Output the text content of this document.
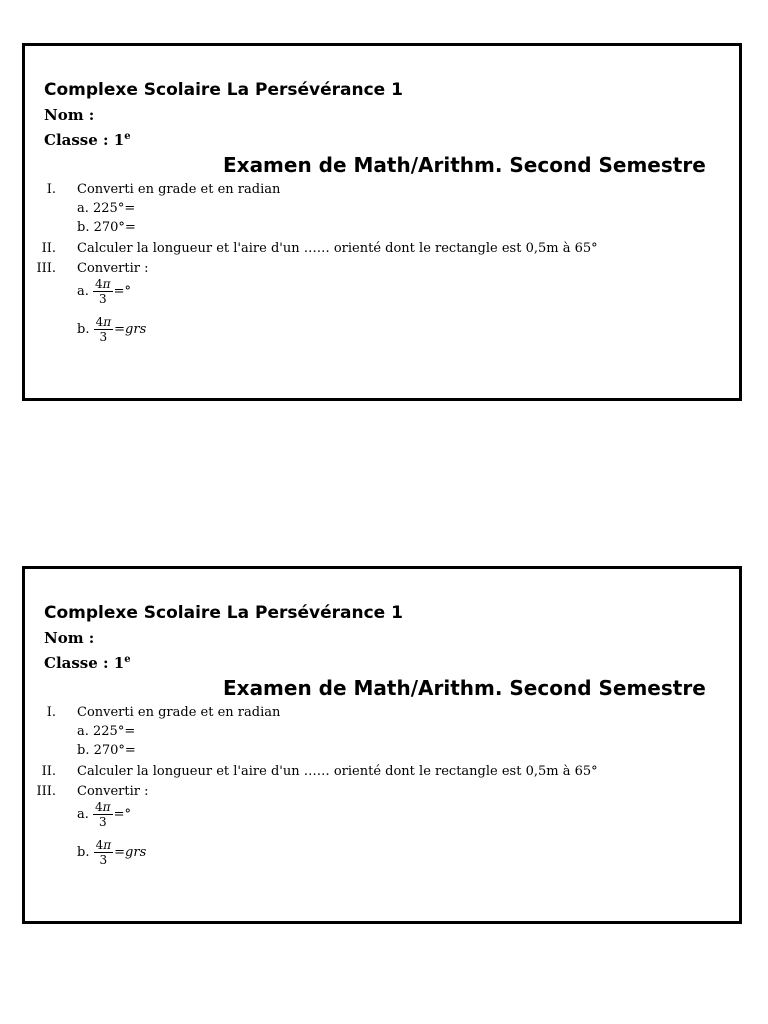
Complexe Scolaire La Persévérance 1
Nom :
Classe : 1e
Examen de Math/Arithm. Second Semestre
I. Converti en grade et en radian
a. 225°=
b. 270°=
II. Calculer la longueur et l'aire d'un …… orienté dont le rectangle est 0,5m à 65°
III. Convertir :
a. $\frac{4\pi}{3}$ =°
b. $\frac{4\pi}{3} =grs$
Complexe Scolaire La Persévérance 1
Nom :
Classe : 1e
Examen de Math/Arithm. Second Semestre
I. Converti en grade et en radian
a. 225°=
b. 270°=
II. Calculer la longueur et l'aire d'un …… orienté dont le rectangle est 0,5m à 65°
III. Convertir :
a. $\frac{4\pi}{3}$ =°
b. $\frac{4\pi}{3} =grs$
